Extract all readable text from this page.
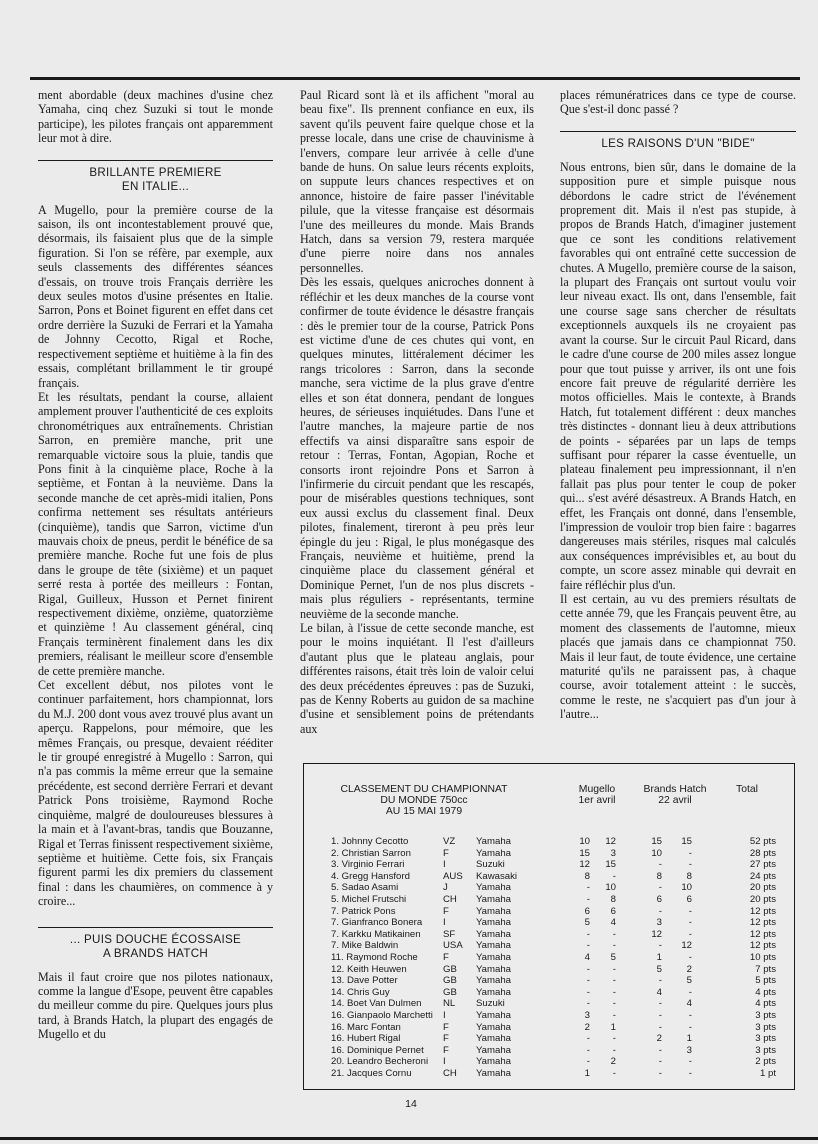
ment abordable (deux machines d'usine chez Yamaha, cinq chez Suzuki si tout le monde participe), les pilotes français ont apparemment leur mot à dire.

BRILLANTE PREMIERE
EN ITALIE...

A Mugello, pour la première course de la saison, ils ont incontestablement prouvé que, désormais, ils faisaient plus que de la simple figuration. Si l'on se réfère, par exemple, aux seuls classements des différentes séances d'essais, on trouve trois Français derrière les deux seules motos d'usine présentes en Italie. Sarron, Pons et Boinet figurent en effet dans cet ordre derrière la Suzuki de Ferrari et la Yamaha de Johnny Cecotto, Rigal et Roche, respectivement septième et huitième à la fin des essais, complétant brillamment le tir groupé français.

Et les résultats, pendant la course, allaient amplement prouver l'authenticité de ces exploits chronométriques aux entraînements. Christian Sarron, en première manche, prit une remarquable victoire sous la pluie, tandis que Pons finit à la cinquième place, Roche à la septième, et Fontan à la neuvième. Dans la seconde manche de cet après-midi italien, Pons confirma nettement ses résultats antérieurs (cinquième), tandis que Sarron, victime d'un mauvais choix de pneus, perdit le bénéfice de sa première manche. Roche fut une fois de plus dans le groupe de tête (sixième) et un paquet serré resta à portée des meilleurs : Fontan, Rigal, Guilleux, Husson et Pernet finirent respectivement dixième, onzième, quatorzième et quinzième ! Au classement général, cinq Français terminèrent finalement dans les dix premiers, réalisant le meilleur score d'ensemble de cette première manche.

Cet excellent début, nos pilotes vont le continuer parfaitement, hors championnat, lors du M.J. 200 dont vous avez trouvé plus avant un aperçu. Rappelons, pour mémoire, que les mêmes Français, ou presque, devaient rééditer le tir groupé enregistré à Mugello : Sarron, qui n'a pas commis la même erreur que la semaine précédente, est second derrière Ferrari et devant Patrick Pons troisième, Raymond Roche cinquième, malgré de douloureuses blessures à la main et à l'avant-bras, tandis que Bouzanne, Rigal et Terras finissent respectivement sixième, septième et huitième. Cette fois, six Français figurent parmi les dix premiers du classement final : dans les chaumières, on commence à y croire...

... PUIS DOUCHE ÉCOSSAISE
A BRANDS HATCH

Mais il faut croire que nos pilotes nationaux, comme la langue d'Esope, peuvent être capables du meilleur comme du pire. Quelques jours plus tard, à Brands Hatch, la plupart des engagés de Mugello et du

Paul Ricard sont là et ils affichent "moral au beau fixe". Ils prennent confiance en eux, ils savent qu'ils peuvent faire quelque chose et la presse locale, dans une crise de chauvinisme à l'envers, compare leur arrivée à celle d'une bande de huns. On salue leurs récents exploits, on suppute leurs chances respectives et on annonce, histoire de faire passer l'inévitable pilule, que la vitesse française est désormais l'une des meilleures du monde. Mais Brands Hatch, dans sa version 79, restera marquée d'une pierre noire dans nos annales personnelles.

Dès les essais, quelques anicroches donnent à réfléchir et les deux manches de la course vont confirmer de toute évidence le désastre français : dès le premier tour de la course, Patrick Pons est victime d'une de ces chutes qui vont, en quelques minutes, littéralement décimer les rangs tricolores : Sarron, dans la seconde manche, sera victime de la plus grave d'entre elles et son état donnera, pendant de longues heures, de sérieuses inquiétudes. Dans l'une et l'autre manches, la majeure partie de nos effectifs va ainsi disparaître sans espoir de retour : Terras, Fontan, Agopian, Roche et consorts iront rejoindre Pons et Sarron à l'infirmerie du circuit pendant que les rescapés, pour de misérables questions techniques, sont eux aussi exclus du classement final. Deux pilotes, finalement, tireront à peu près leur épingle du jeu : Rigal, le plus monégasque des Français, neuvième et huitième, prend la cinquième place du classement général et Dominique Pernet, l'un de nos plus discrets - mais plus réguliers - représentants, termine neuvième de la seconde manche.

Le bilan, à l'issue de cette seconde manche, est pour le moins inquiétant. Il l'est d'ailleurs d'autant plus que le plateau anglais, pour différentes raisons, était très loin de valoir celui des deux précédentes épreuves : pas de Suzuki, pas de Kenny Roberts au guidon de sa machine d'usine et sensiblement poins de prétendants aux

places rémunératrices dans ce type de course. Que s'est-il donc passé ?

LES RAISONS D'UN "BIDE"

Nous entrons, bien sûr, dans le domaine de la supposition pure et simple puisque nous débordons le cadre strict de l'événement proprement dit. Mais il n'est pas stupide, à propos de Brands Hatch, d'imaginer justement que ce sont les conditions relativement favorables qui ont entraîné cette succession de chutes. A Mugello, première course de la saison, la plupart des Français ont surtout voulu voir leur niveau exact. Ils ont, dans l'ensemble, fait une course sage sans chercher de résultats exceptionnels auxquels ils ne croyaient pas avant la course. Sur le circuit Paul Ricard, dans le cadre d'une course de 200 miles assez longue pour que tout puisse y arriver, ils ont une fois encore fait preuve de régularité derrière les motos officielles. Mais le contexte, à Brands Hatch, fut totalement différent : deux manches très distinctes - donnant lieu à deux attributions de points - séparées par un laps de temps suffisant pour réparer la casse éventuelle, un plateau finalement peu impressionnant, il n'en fallait pas plus pour tenter le coup de poker qui... s'est avéré désastreux. A Brands Hatch, en effet, les Français ont donné, dans l'ensemble, l'impression de vouloir trop bien faire : bagarres dangereuses mais stériles, risques mal calculés aux conséquences imprévisibles et, au bout du compte, un score assez minable qui devrait en faire réfléchir plus d'un.

Il est certain, au vu des premiers résultats de cette année 79, que les Français peuvent être, au moment des classements de l'automne, mieux placés que jamais dans ce championnat 750. Mais il leur faut, de toute évidence, une certaine maturité qu'ils ne paraissent pas, à chaque course, avoir totalement atteint : le succès, comme le reste, ne s'acquiert pas d'un jour à l'autre...

CLASSEMENT DU CHAMPIONNAT
DU MONDE 750cc
AU 15 MAI 1979
Mugello
1er avril
Brands Hatch
22 avril
Total
1. Johnny Cecotto	VZ	Yamaha	10	12	15	15	52 pts
2. Christian Sarron	F	Yamaha	15	3	10	-	28 pts
3. Virginio Ferrari	I	Suzuki	12	15	-	-	27 pts
4. Gregg Hansford	AUS	Kawasaki	8	-	8	8	24 pts
5. Sadao Asami	J	Yamaha	-	10	-	10	20 pts
5. Michel Frutschi	CH	Yamaha	-	8	6	6	20 pts
7. Patrick Pons	F	Yamaha	6	6	-	-	12 pts
7. Gianfranco Bonera	I	Yamaha	5	4	3	-	12 pts
7. Karkku Matikainen	SF	Yamaha	-	-	12	-	12 pts
7. Mike Baldwin	USA	Yamaha	-	-	-	12	12 pts
11. Raymond Roche	F	Yamaha	4	5	1	-	10 pts
12. Keith Heuwen	GB	Yamaha	-	-	5	2	7 pts
13. Dave Potter	GB	Yamaha	-	-	-	5	5 pts
14. Chris Guy	GB	Yamaha	-	-	4	-	4 pts
14. Boet Van Dulmen	NL	Suzuki	-	-	-	4	4 pts
16. Gianpaolo Marchetti	I	Yamaha	3	-	-	-	3 pts
16. Marc Fontan	F	Yamaha	2	1	-	-	3 pts
16. Hubert Rigal	F	Yamaha	-	-	2	1	3 pts
16. Dominique Pernet	F	Yamaha	-	-	-	3	3 pts
20. Leandro Becheroni	I	Yamaha	-	2	-	-	2 pts
21. Jacques Cornu	CH	Yamaha	1	-	-	-	1 pt
14
